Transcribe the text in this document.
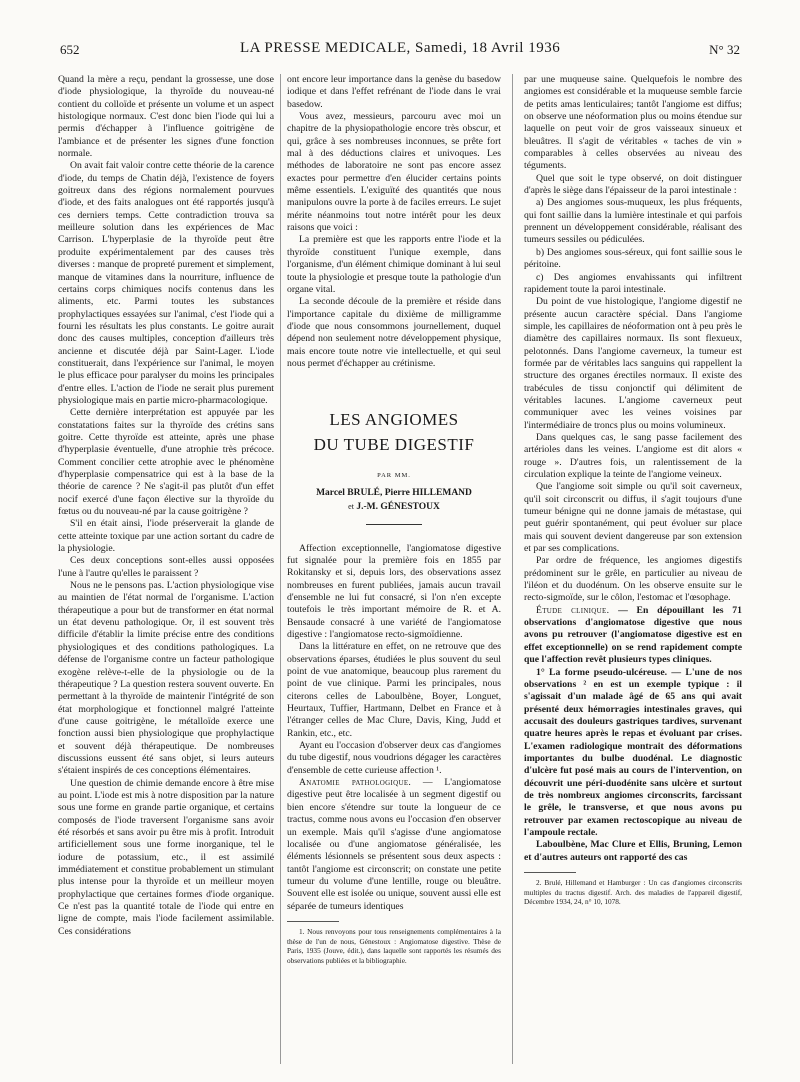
652	LA PRESSE MEDICALE, Samedi, 18 Avril 1936	N° 32

Quand la mère a reçu, pendant la grossesse, une dose d'iode physiologique, la thyroïde du nouveau-né contient du colloïde et présente un volume et un aspect histologique normaux. C'est donc bien l'iode qui lui a permis d'échapper à l'influence goitrigène de l'ambiance et de présenter les signes d'une fonction normale.

On avait fait valoir contre cette théorie de la carence d'iode, du temps de Chatin déjà, l'existence de foyers goitreux dans des régions normalement pourvues d'iode, et des faits analogues ont été rapportés jusqu'à ces derniers temps. Cette contradiction trouva sa meilleure solution dans les expériences de Mac Carrison. L'hyperplasie de la thyroïde peut être produite expérimentalement par des causes très diverses : manque de propreté purement et simplement, manque de vitamines dans la nourriture, influence de certains corps chimiques nocifs contenus dans les aliments, etc. Parmi toutes les substances prophylactiques essayées sur l'animal, c'est l'iode qui a fourni les résultats les plus constants. Le goitre aurait donc des causes multiples, conception d'ailleurs très ancienne et discutée déjà par Saint-Lager. L'iode constituerait, dans l'expérience sur l'animal, le moyen le plus efficace pour paralyser du moins les principales d'entre elles. L'action de l'iode ne serait plus purement physiologique mais en partie micro-pharmacologique.

Cette dernière interprétation est appuyée par les constatations faites sur la thyroïde des crétins sans goitre. Cette thyroïde est atteinte, après une phase d'hyperplasie éventuelle, d'une atrophie très précoce. Comment concilier cette atrophie avec le phénomène d'hyperplasie compensatrice qui est à la base de la théorie de carence ? Ne s'agit-il pas plutôt d'un effet nocif exercé d'une façon élective sur la thyroïde du fœtus ou du nouveau-né par la cause goitrigène ?

S'il en était ainsi, l'iode préserverait la glande de cette atteinte toxique par une action sortant du cadre de la physiologie.

Ces deux conceptions sont-elles aussi opposées l'une à l'autre qu'elles le paraissent ?

Nous ne le pensons pas. L'action physiologique vise au maintien de l'état normal de l'organisme. L'action thérapeutique a pour but de transformer en état normal un état devenu pathologique. Or, il est souvent très difficile d'établir la limite précise entre des conditions physiologiques et des conditions pathologiques. La défense de l'organisme contre un facteur pathologique exogène relève-t-elle de la physiologie ou de la thérapeutique ? La question restera souvent ouverte. En permettant à la thyroïde de maintenir l'intégrité de son état morphologique et fonctionnel malgré l'atteinte d'une cause goitrigène, le métalloïde exerce une fonction aussi bien physiologique que prophylactique et souvent déjà thérapeutique. De nombreuses discussions eussent été sans objet, si leurs auteurs s'étaient inspirés de ces conceptions élémentaires.

Une question de chimie demande encore à être mise au point. L'iode est mis à notre disposition par la nature sous une forme en grande partie organique, et certains composés de l'iode traversent l'organisme sans avoir été résorbés et sans avoir pu être mis à profit. Introduit artificiellement sous une forme inorganique, tel le iodure de potassium, etc., il est assimilé immédiatement et constitue probablement un stimulant plus intense pour la thyroïde et un meilleur moyen prophylactique que certaines formes d'iode organique. Ce n'est pas la quantité totale de l'iode qui entre en ligne de compte, mais l'iode facilement assimilable. Ces considérations

ont encore leur importance dans la genèse du basedow iodique et dans l'effet refrénant de l'iode dans le vrai basedow.

Vous avez, messieurs, parcouru avec moi un chapitre de la physiopathologie encore très obscur, et qui, grâce à ses nombreuses inconnues, se prête fort mal à des déductions claires et univoques. Les méthodes de laboratoire ne sont pas encore assez exactes pour permettre d'en élucider certains points même essentiels. L'exiguïté des quantités que nous manipulons ouvre la porte à de faciles erreurs. Le sujet mérite néanmoins tout notre intérêt pour les deux raisons que voici :

La première est que les rapports entre l'iode et la thyroïde constituent l'unique exemple, dans l'organisme, d'un élément chimique dominant à lui seul toute la physiologie et presque toute la pathologie d'un organe vital.

La seconde découle de la première et réside dans l'importance capitale du dixième de milligramme d'iode que nous consommons journellement, duquel dépend non seulement notre développement physique, mais encore toute notre vie intellectuelle, et qui seul nous permet d'échapper au crétinisme.

LES ANGIOMES
DU TUBE DIGESTIF
PAR MM.
Marcel BRULÉ, Pierre HILLEMAND
et J.-M. GÉNESTOUX

Affection exceptionnelle, l'angiomatose digestive fut signalée pour la première fois en 1855 par Rokitansky et si, depuis lors, des observations assez nombreuses en furent publiées, jamais aucun travail d'ensemble ne lui fut consacré, si l'on n'en excepte toutefois le très important mémoire de R. et A. Bensaude consacré à une variété de l'angiomatose digestive : l'angiomatose recto-sigmoïdienne.

Dans la littérature en effet, on ne retrouve que des observations éparses, étudiées le plus souvent du seul point de vue anatomique, beaucoup plus rarement du point de vue clinique. Parmi les principales, nous citerons celles de Laboulbène, Boyer, Longuet, Heurtaux, Tuffier, Hartmann, Delbet en France et à l'étranger celles de Mac Clure, Davis, King, Judd et Rankin, etc., etc.

Ayant eu l'occasion d'observer deux cas d'angiomes du tube digestif, nous voudrions dégager les caractères d'ensemble de cette curieuse affection ¹.

Anatomie pathologique. — L'angiomatose digestive peut être localisée à un segment digestif ou bien encore s'étendre sur toute la longueur de ce tractus, comme nous avons eu l'occasion d'en observer un exemple. Mais qu'il s'agisse d'une angiomatose localisée ou d'une angiomatose généralisée, les éléments lésionnels se présentent sous deux aspects : tantôt l'angiome est circonscrit; on constate une petite tumeur du volume d'une lentille, rouge ou bleuâtre. Souvent elle est isolée ou unique, souvent aussi elle est séparée de tumeurs identiques

1. Nous renvoyons pour tous renseignements complémentaires à la thèse de l'un de nous, Génestoux : Angiomatose digestive. Thèse de Paris, 1935 (Jouve, édit.), dans laquelle sont rapportés les résumés des observations publiées et la bibliographie.

par une muqueuse saine. Quelquefois le nombre des angiomes est considérable et la muqueuse semble farcie de petits amas lenticulaires; tantôt l'angiome est diffus; on observe une néoformation plus ou moins étendue sur laquelle on peut voir de gros vaisseaux sinueux et bleuâtres. Il s'agit de véritables « taches de vin » comparables à celles observées au niveau des téguments.

Quel que soit le type observé, on doit distinguer d'après le siège dans l'épaisseur de la paroi intestinale :

a) Des angiomes sous-muqueux, les plus fréquents, qui font saillie dans la lumière intestinale et qui parfois prennent un développement considérable, réalisant des tumeurs sessiles ou pédiculées.

b) Des angiomes sous-séreux, qui font saillie sous le péritoine.

c) Des angiomes envahissants qui infiltrent rapidement toute la paroi intestinale.

Du point de vue histologique, l'angiome digestif ne présente aucun caractère spécial. Dans l'angiome simple, les capillaires de néoformation ont à peu près le diamètre des capillaires normaux. Ils sont flexueux, pelotonnés. Dans l'angiome caverneux, la tumeur est formée par de véritables lacs sanguins qui rappellent la structure des organes érectiles normaux. Il existe des trabécules de tissu conjonctif qui délimitent de véritables lacunes. L'angiome caverneux peut communiquer avec les veines voisines par l'intermédiaire de troncs plus ou moins volumineux.

Dans quelques cas, le sang passe facilement des artérioles dans les veines. L'angiome est dit alors « rouge ». D'autres fois, un ralentissement de la circulation explique la teinte de l'angiome veineux.

Que l'angiome soit simple ou qu'il soit caverneux, qu'il soit circonscrit ou diffus, il s'agit toujours d'une tumeur bénigne qui ne donne jamais de métastase, qui peut guérir spontanément, qui peut évoluer sur place mais qui souvent devient dangereuse par son extension et par ses complications.

Par ordre de fréquence, les angiomes digestifs prédominent sur le grêle, en particulier au niveau de l'iléon et du duodénum. On les observe ensuite sur le recto-sigmoïde, sur le côlon, l'estomac et l'œsophage.

Étude clinique. — En dépouillant les 71 observations d'angiomatose digestive que nous avons pu retrouver (l'angiomatose digestive est en effet exceptionnelle) on se rend rapidement compte que l'affection revêt plusieurs types cliniques.

1° La forme pseudo-ulcéreuse. — L'une de nos observations ² en est un exemple typique : il s'agissait d'un malade âgé de 65 ans qui avait présenté deux hémorragies intestinales graves, qui accusait des douleurs gastriques tardives, survenant quatre heures après le repas et évoluant par crises. L'examen radiologique montrait des déformations importantes du bulbe duodénal. Le diagnostic d'ulcère fut posé mais au cours de l'intervention, on découvrit une péri-duodénite sans ulcère et surtout de très nombreux angiomes circonscrits, farcissant le grêle, le transverse, et que nous avons pu retrouver par examen rectoscopique au niveau de l'ampoule rectale.

Laboulbène, Mac Clure et Ellis, Bruning, Lemon et d'autres auteurs ont rapporté des cas

2. Brulé, Hillemand et Hamburger : Un cas d'angiomes circonscrits multiples du tractus digestif. Arch. des maladies de l'appareil digestif, Décembre 1934, 24, n° 10, 1078.
